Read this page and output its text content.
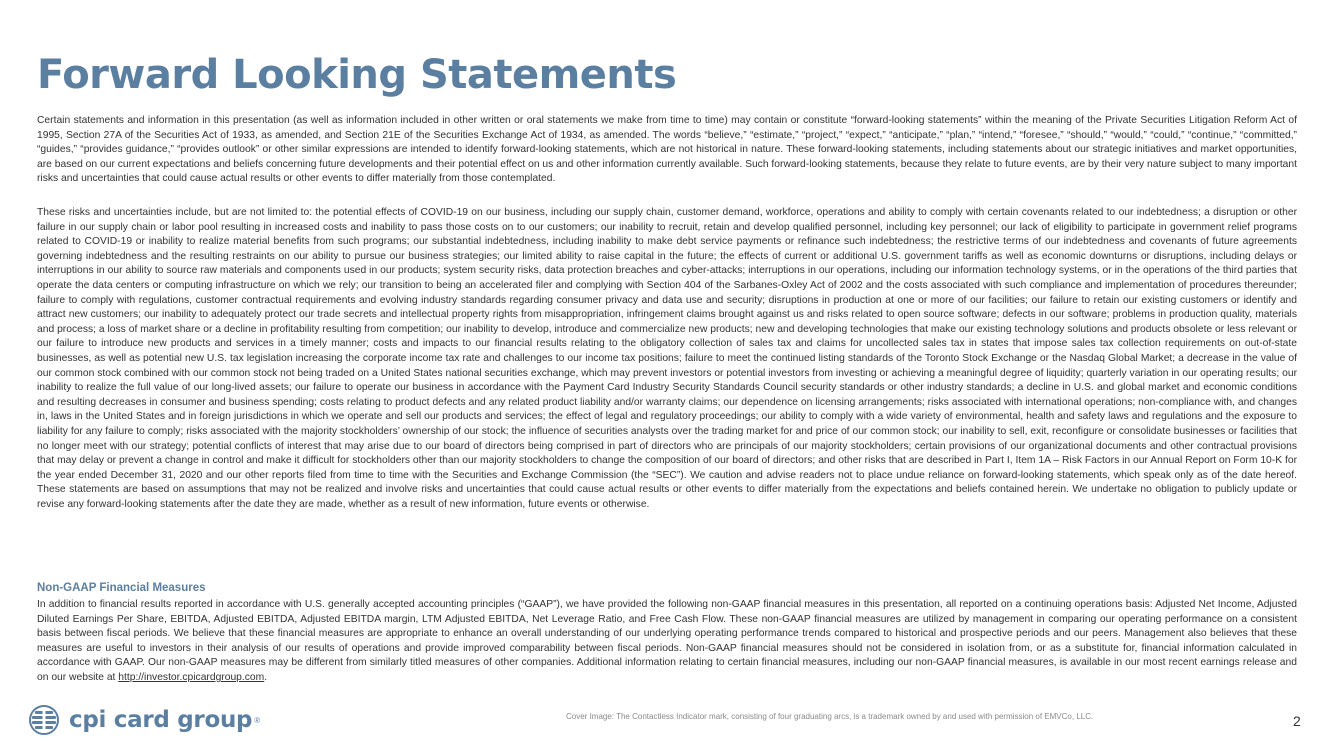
Forward Looking Statements

Certain statements and information in this presentation (as well as information included in other written or oral statements we make from time to time) may contain or constitute “forward-looking statements” within the meaning of the Private Securities Litigation Reform Act of 1995, Section 27A of the Securities Act of 1933, as amended, and Section 21E of the Securities Exchange Act of 1934, as amended. The words “believe,” “estimate,” “project,” “expect,” “anticipate,” “plan,” “intend,” “foresee,” “should,” “would,” “could,” “continue,” “committed,” “guides,” “provides guidance,” “provides outlook” or other similar expressions are intended to identify forward-looking statements, which are not historical in nature. These forward-looking statements, including statements about our strategic initiatives and market opportunities, are based on our current expectations and beliefs concerning future developments and their potential effect on us and other information currently available. Such forward-looking statements, because they relate to future events, are by their very nature subject to many important risks and uncertainties that could cause actual results or other events to differ materially from those contemplated.

These risks and uncertainties include, but are not limited to: the potential effects of COVID-19 on our business, including our supply chain, customer demand, workforce, operations and ability to comply with certain covenants related to our indebtedness; a disruption or other failure in our supply chain or labor pool resulting in increased costs and inability to pass those costs on to our customers; our inability to recruit, retain and develop qualified personnel, including key personnel; our lack of eligibility to participate in government relief programs related to COVID-19 or inability to realize material benefits from such programs; our substantial indebtedness, including inability to make debt service payments or refinance such indebtedness; the restrictive terms of our indebtedness and covenants of future agreements governing indebtedness and the resulting restraints on our ability to pursue our business strategies; our limited ability to raise capital in the future; the effects of current or additional U.S. government tariffs as well as economic downturns or disruptions, including delays or interruptions in our ability to source raw materials and components used in our products; system security risks, data protection breaches and cyber-attacks; interruptions in our operations, including our information technology systems, or in the operations of the third parties that operate the data centers or computing infrastructure on which we rely; our transition to being an accelerated filer and complying with Section 404 of the Sarbanes-Oxley Act of 2002 and the costs associated with such compliance and implementation of procedures thereunder; failure to comply with regulations, customer contractual requirements and evolving industry standards regarding consumer privacy and data use and security; disruptions in production at one or more of our facilities; our failure to retain our existing customers or identify and attract new customers; our inability to adequately protect our trade secrets and intellectual property rights from misappropriation, infringement claims brought against us and risks related to open source software; defects in our software; problems in production quality, materials and process; a loss of market share or a decline in profitability resulting from competition; our inability to develop, introduce and commercialize new products; new and developing technologies that make our existing technology solutions and products obsolete or less relevant or our failure to introduce new products and services in a timely manner; costs and impacts to our financial results relating to the obligatory collection of sales tax and claims for uncollected sales tax in states that impose sales tax collection requirements on out-of-state businesses, as well as potential new U.S. tax legislation increasing the corporate income tax rate and challenges to our income tax positions; failure to meet the continued listing standards of the Toronto Stock Exchange or the Nasdaq Global Market; a decrease in the value of our common stock combined with our common stock not being traded on a United States national securities exchange, which may prevent investors or potential investors from investing or achieving a meaningful degree of liquidity; quarterly variation in our operating results; our inability to realize the full value of our long-lived assets; our failure to operate our business in accordance with the Payment Card Industry Security Standards Council security standards or other industry standards; a decline in U.S. and global market and economic conditions and resulting decreases in consumer and business spending; costs relating to product defects and any related product liability and/or warranty claims; our dependence on licensing arrangements; risks associated with international operations; non-compliance with, and changes in, laws in the United States and in foreign jurisdictions in which we operate and sell our products and services; the effect of legal and regulatory proceedings; our ability to comply with a wide variety of environmental, health and safety laws and regulations and the exposure to liability for any failure to comply; risks associated with the majority stockholders’ ownership of our stock; the influence of securities analysts over the trading market for and price of our common stock; our inability to sell, exit, reconfigure or consolidate businesses or facilities that no longer meet with our strategy; potential conflicts of interest that may arise due to our board of directors being comprised in part of directors who are principals of our majority stockholders; certain provisions of our organizational documents and other contractual provisions that may delay or prevent a change in control and make it difficult for stockholders other than our majority stockholders to change the composition of our board of directors; and other risks that are described in Part I, Item 1A – Risk Factors in our Annual Report on Form 10-K for the year ended December 31, 2020 and our other reports filed from time to time with the Securities and Exchange Commission (the “SEC”). We caution and advise readers not to place undue reliance on forward-looking statements, which speak only as of the date hereof. These statements are based on assumptions that may not be realized and involve risks and uncertainties that could cause actual results or other events to differ materially from the expectations and beliefs contained herein. We undertake no obligation to publicly update or revise any forward-looking statements after the date they are made, whether as a result of new information, future events or otherwise.

Non-GAAP Financial Measures

In addition to financial results reported in accordance with U.S. generally accepted accounting principles (“GAAP”), we have provided the following non-GAAP financial measures in this presentation, all reported on a continuing operations basis: Adjusted Net Income, Adjusted Diluted Earnings Per Share, EBITDA, Adjusted EBITDA, Adjusted EBITDA margin, LTM Adjusted EBITDA, Net Leverage Ratio, and Free Cash Flow. These non-GAAP financial measures are utilized by management in comparing our operating performance on a consistent basis between fiscal periods. We believe that these financial measures are appropriate to enhance an overall understanding of our underlying operating performance trends compared to historical and prospective periods and our peers. Management also believes that these measures are useful to investors in their analysis of our results of operations and provide improved comparability between fiscal periods. Non-GAAP financial measures should not be considered in isolation from, or as a substitute for, financial information calculated in accordance with GAAP. Our non-GAAP measures may be different from similarly titled measures of other companies. Additional information relating to certain financial measures, including our non-GAAP financial measures, is available in our most recent earnings release and on our website at http://investor.cpicardgroup.com.

cpi card group ®	Cover Image: The Contactless Indicator mark, consisting of four graduating arcs, is a trademark owned by and used with permission of EMVCo, LLC.	2
